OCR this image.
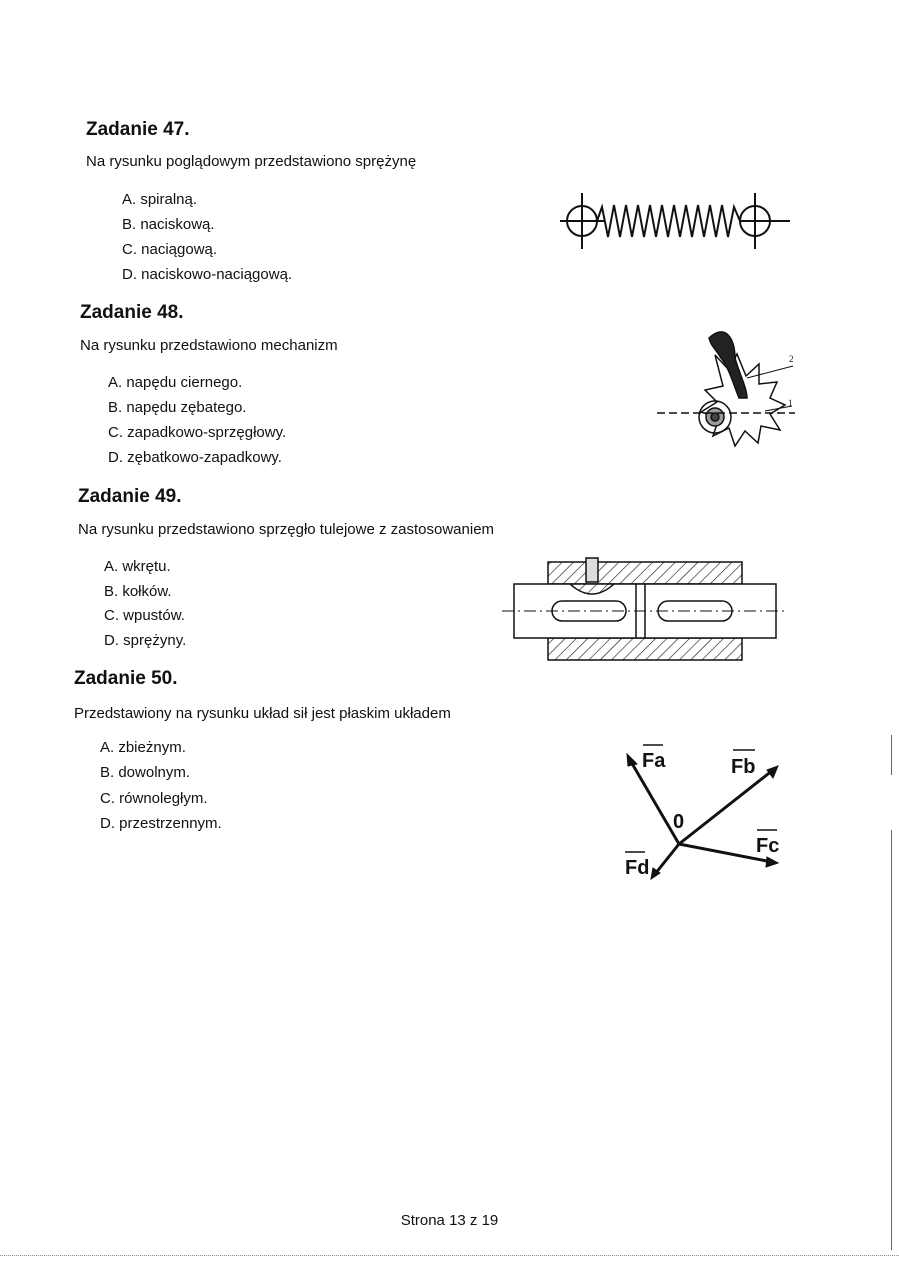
Zadanie 47.
Na rysunku poglądowym przedstawiono sprężynę
A. spiralną.
B. naciskową.
C. naciągową.
D. naciskowo-naciągową.
Zadanie 48.
Na rysunku przedstawiono mechanizm
A. napędu ciernego.
B. napędu zębatego.
C. zapadkowo-sprzęgłowy.
D. zębatkowo-zapadkowy.
2
1
Zadanie 49.
Na rysunku przedstawiono sprzęgło tulejowe z zastosowaniem
A. wkrętu.
B. kołków.
C. wpustów.
D. sprężyny.
Zadanie 50.
Przedstawiony na rysunku układ sił jest płaskim układem
A. zbieżnym.
B. dowolnym.
C. równoległym.
D. przestrzennym.
Fa	Fb
Fc
Fd
0
Strona 13 z 19
